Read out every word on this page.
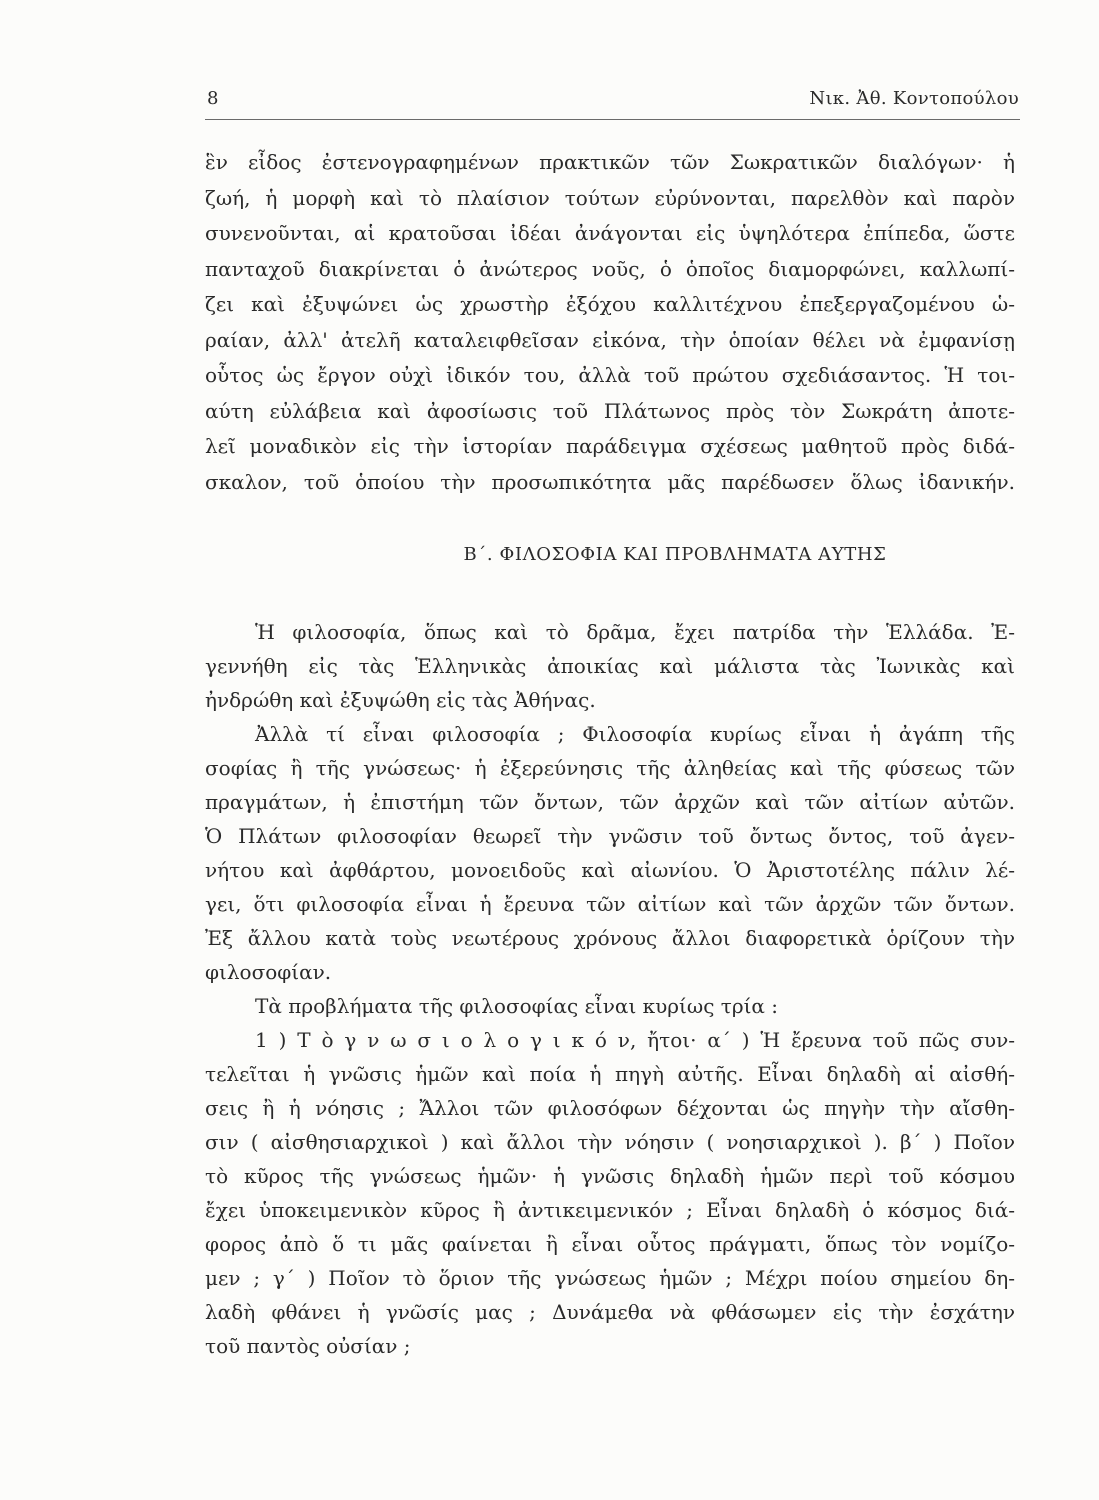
8	Νικ. Ἀθ. Κοντοπούλου
ἓν εἶδος ἐστενογραφημένων πρακτικῶν τῶν Σωκρατικῶν διαλόγων· ἡ
ζωή, ἡ μορφὴ καὶ τὸ πλαίσιον τούτων εὐρύνονται, παρελθὸν καὶ παρὸν
συνενοῦνται, αἱ κρατοῦσαι ἰδέαι ἀνάγονται εἰς ὑψηλότερα ἐπίπεδα, ὥστε
πανταχοῦ διακρίνεται ὁ ἀνώτερος νοῦς, ὁ ὁποῖος διαμορφώνει, καλλωπί-
ζει καὶ ἐξυψώνει ὡς χρωστὴρ ἐξόχου καλλιτέχνου ἐπεξεργαζομένου ὡ-
ραίαν, ἀλλ' ἀτελῆ καταλειφθεῖσαν εἰκόνα, τὴν ὁποίαν θέλει νὰ ἐμφανίσῃ
οὗτος ὡς ἔργον οὐχὶ ἰδικόν του, ἀλλὰ τοῦ πρώτου σχεδιάσαντος. Ἡ τοι-
αύτη εὐλάβεια καὶ ἀφοσίωσις τοῦ Πλάτωνος πρὸς τὸν Σωκράτη ἀποτε-
λεῖ μοναδικὸν εἰς τὴν ἱστορίαν παράδειγμα σχέσεως μαθητοῦ πρὸς διδά-
σκαλον, τοῦ ὁποίου τὴν προσωπικότητα μᾶς παρέδωσεν ὅλως ἰδανικήν.
Β΄. ΦΙΛΟΣΟΦΙΑ ΚΑΙ ΠΡΟΒΛΗΜΑΤΑ ΑΥΤΗΣ
Ἡ φιλοσοφία, ὅπως καὶ τὸ δρᾶμα, ἔχει πατρίδα τὴν Ἑλλάδα. Ἐ-
γεννήθη εἰς τὰς Ἑλληνικὰς ἀποικίας καὶ μάλιστα τὰς Ἰωνικὰς καὶ
ἠνδρώθη καὶ ἐξυψώθη εἰς τὰς Ἀθήνας.
Ἀλλὰ τί εἶναι φιλοσοφία ; Φιλοσοφία κυρίως εἶναι ἡ ἀγάπη τῆς
σοφίας ἢ τῆς γνώσεως· ἡ ἐξερεύνησις τῆς ἀληθείας καὶ τῆς φύσεως τῶν
πραγμάτων, ἡ ἐπιστήμη τῶν ὄντων, τῶν ἀρχῶν καὶ τῶν αἰτίων αὐτῶν.
Ὁ Πλάτων φιλοσοφίαν θεωρεῖ τὴν γνῶσιν τοῦ ὄντως ὄντος, τοῦ ἀγεν-
νήτου καὶ ἀφθάρτου, μονοειδοῦς καὶ αἰωνίου. Ὁ Ἀριστοτέλης πάλιν λέ-
γει, ὅτι φιλοσοφία εἶναι ἡ ἔρευνα τῶν αἰτίων καὶ τῶν ἀρχῶν τῶν ὄντων.
Ἐξ ἄλλου κατὰ τοὺς νεωτέρους χρόνους ἄλλοι διαφορετικὰ ὁρίζουν τὴν
φιλοσοφίαν.
Τὰ προβλήματα τῆς φιλοσοφίας εἶναι κυρίως τρία :
1 ) Τ ὸ γ ν ω σ ι ο λ ο γ ι κ ό ν, ἤτοι· α΄ ) Ἡ ἔρευνα τοῦ πῶς συν-
τελεῖται ἡ γνῶσις ἡμῶν καὶ ποία ἡ πηγὴ αὐτῆς. Εἶναι δηλαδὴ αἱ αἰσθή-
σεις ἢ ἡ νόησις ; Ἄλλοι τῶν φιλοσόφων δέχονται ὡς πηγὴν τὴν αἴσθη-
σιν ( αἰσθησιαρχικοὶ ) καὶ ἄλλοι τὴν νόησιν ( νοησιαρχικοὶ ). β΄ ) Ποῖον
τὸ κῦρος τῆς γνώσεως ἡμῶν· ἡ γνῶσις δηλαδὴ ἡμῶν περὶ τοῦ κόσμου
ἔχει ὑποκειμενικὸν κῦρος ἢ ἀντικειμενικόν ; Εἶναι δηλαδὴ ὁ κόσμος διά-
φορος ἀπὸ ὅ τι μᾶς φαίνεται ἢ εἶναι οὗτος πράγματι, ὅπως τὸν νομίζο-
μεν ; γ΄ ) Ποῖον τὸ ὅριον τῆς γνώσεως ἡμῶν ; Μέχρι ποίου σημείου δη-
λαδὴ φθάνει ἡ γνῶσίς μας ; Δυνάμεθα νὰ φθάσωμεν εἰς τὴν ἐσχάτην
τοῦ παντὸς οὐσίαν ;
